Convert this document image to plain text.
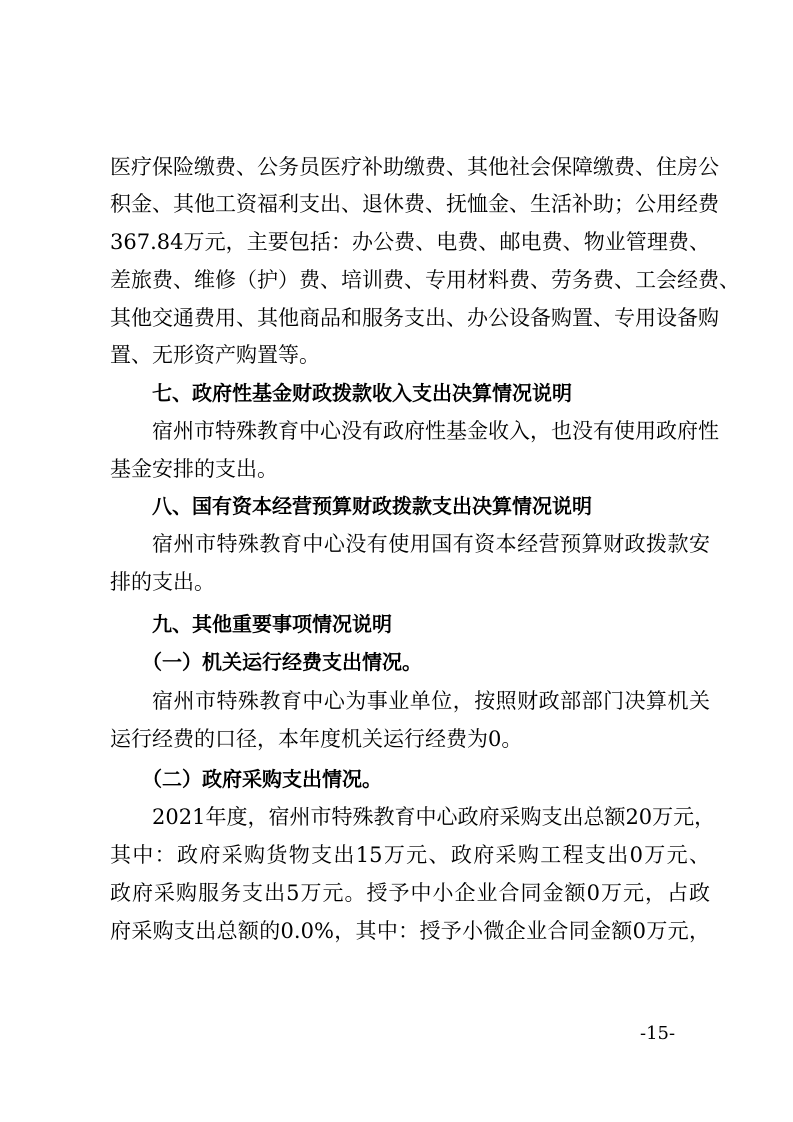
医疗保险缴费、公务员医疗补助缴费、其他社会保障缴费、住房公
积金、其他工资福利支出、退休费、抚恤金、生活补助；公用经费
367.84万元，主要包括：办公费、电费、邮电费、物业管理费、
差旅费、维修（护）费、培训费、专用材料费、劳务费、工会经费、
其他交通费用、其他商品和服务支出、办公设备购置、专用设备购
置、无形资产购置等。
七、政府性基金财政拨款收入支出决算情况说明
宿州市特殊教育中心没有政府性基金收入，也没有使用政府性
基金安排的支出。
八、国有资本经营预算财政拨款支出决算情况说明
宿州市特殊教育中心没有使用国有资本经营预算财政拨款安
排的支出。
九、其他重要事项情况说明
（一）机关运行经费支出情况。
宿州市特殊教育中心为事业单位，按照财政部部门决算机关
运行经费的口径，本年度机关运行经费为0。
（二）政府采购支出情况。
2021年度，宿州市特殊教育中心政府采购支出总额20万元，
其中：政府采购货物支出15万元、政府采购工程支出0万元、
政府采购服务支出5万元。授予中小企业合同金额0万元，占政
府采购支出总额的0.0%，其中：授予小微企业合同金额0万元，
-15-
